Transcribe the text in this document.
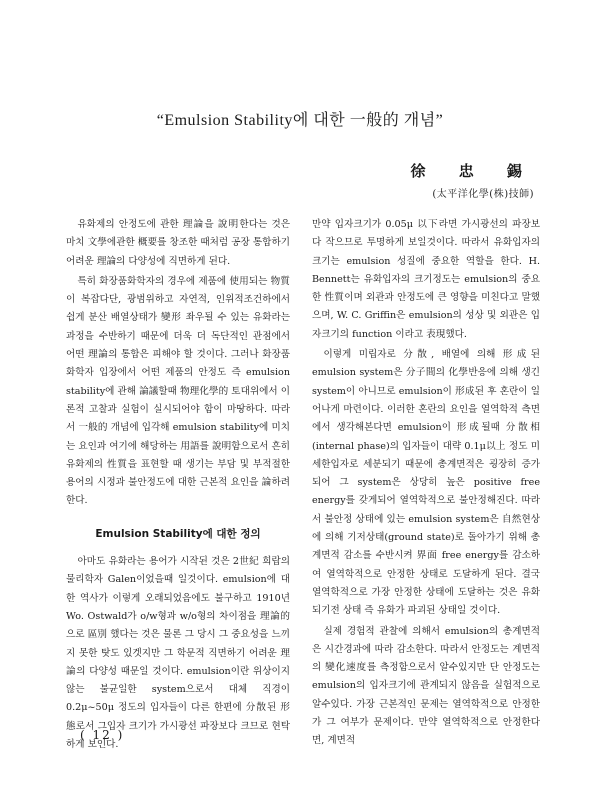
“Emulsion Stability에 대한 一般的 개념”
徐 忠 錫
(太平洋化學(株)技師)

유화제의 안정도에 관한 理論을 說明한다는 것은 마치 文學에관한 概要를 창조한 때처럼 공장 통합하기 어려운 理論의 다양성에 직면하게 된다.

특히 화장품화학자의 경우에 제품에 使用되는 物質이 복잡다단, 광범위하고 자연적, 인위적조건하에서 쉽게 분산 배열상태가 變形 좌우될 수 있는 유화라는 과정을 수반하기 때문에 더욱 더 독단적인 관점에서 어떤 理論의 통합은 피해야 할 것이다. 그러나 화장품화학자 입장에서 어떤 제품의 안정도 즉 emulsion stability에 관해 論議할때 物理化學的 토대위에서 이론적 고찰과 실험이 실시되어야 함이 마땅하다. 따라서 一般的 개념에 입각해 emulsion stability에 미치는 요인과 여기에 해당하는 用語를 說明함으로서 흔히 유화제의 性質을 표현할 때 생기는 부담 및 부적절한 용어의 시정과 불안정도에 대한 근본적 요인을 論하려 한다.

Emulsion Stability에 대한 정의

아마도 유화라는 용어가 시작된 것은 2世紀 희랍의 물리학자 Galen이었을때 일것이다. emulsion에 대한 역사가 이렇게 오래되었음에도 불구하고 1910년 Wo. Ostwald가 o/w형과 w/o형의 차이점을 理論的으로 區別 했다는 것은 물론 그 당시 그 중요성을 느끼지 못한 탓도 있겟지만 그 학문적 직면하기 어려운 理論의 다양성 때문일 것이다. emulsion이란 위상이지않는 불균일한 system으로서 대체 직경이 0.2μ~50μ 정도의 입자들이 다른 한편에 分散된 形態로서 그입자 크기가 가시광선 파장보다 크므로 현탁하게 보인다.

만약 입자크기가 0.05μ 以下라면 가시광선의 파장보다 작으므로 투명하게 보일것이다. 따라서 유화입자의 크기는 emulsion 성질에 중요한 역할을 한다. H. Bennett는 유화입자의 크기정도는 emulsion의 중요한 性質이며 외관과 안정도에 큰 영향을 미친다고 말했으며, W. C. Griffin은 emulsion의 성상 및 외관은 입자크기의 function 이라고 表現했다.

이렇게 미립자로 分散, 배열에 의해 形成된 emulsion system은 分子間의 化學반응에 의해 생긴 system이 아니므로 emulsion이 形成된 후 혼란이 일어나게 마련이다. 이러한 혼란의 요인을 열역학적 측면에서 생각해본다면 emulsion이 形成될때 分散相(internal phase)의 입자들이 대략 0.1μ以上 정도 미세한입자로 세분되기 때문에 총계면적은 굉장히 증가되어 그 system은 상당히 높은 positive free energy를 갖게되어 열역학적으로 불안정해진다. 따라서 불안정 상태에 있는 emulsion system은 自然현상에 의해 기저상태(ground state)로 돌아가기 위해 총계면적 감소를 수반시켜 界面 free energy를 감소하여 열역학적으로 안정한 상태로 도달하게 된다. 결국 열역학적으로 가장 안정한 상태에 도달하는 것은 유화되기전 상태 즉 유화가 파괴된 상태일 것이다.

실제 경험적 관찰에 의해서 emulsion의 총계면적은 시간경과에 따라 감소한다. 따라서 안정도는 계면적의 變化速度를 측정함으로서 알수있지만 단 안정도는 emulsion의 입자크기에 관계되지 않음을 실험적으로 알수있다. 가장 근본적인 문제는 열역학적으로 안정한가 그 여부가 문제이다. 만약 열역학적으로 안정한다면, 계면적

( 12 )
